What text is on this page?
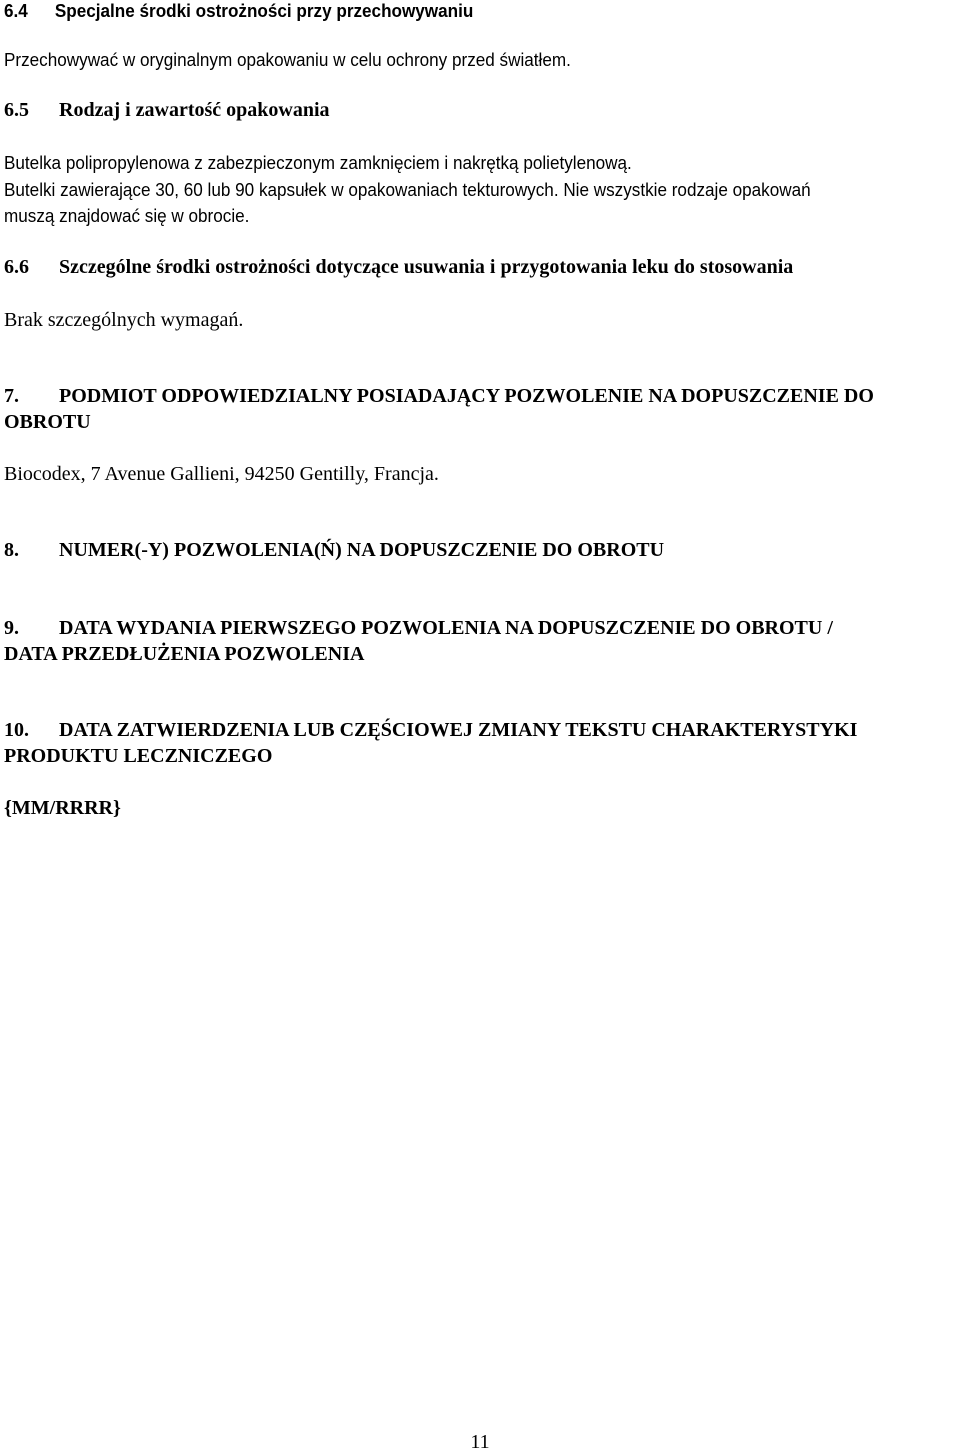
6.4 Specjalne środki ostrożności przy przechowywaniu

Przechowywać w oryginalnym opakowaniu w celu ochrony przed światłem.

6.5 Rodzaj i zawartość opakowania

Butelka polipropylenowa z zabezpieczonym zamknięciem i nakrętką polietylenową.

Butelki zawierające 30, 60 lub 90 kapsułek w opakowaniach tekturowych. Nie wszystkie rodzaje opakowań

muszą znajdować się w obrocie.

6.6 Szczególne środki ostrożności dotyczące usuwania i przygotowania leku do stosowania

Brak szczególnych wymagań.

7. PODMIOT ODPOWIEDZIALNY POSIADAJĄCY POZWOLENIE NA DOPUSZCZENIE DO

OBROTU

Biocodex, 7 Avenue Gallieni, 94250 Gentilly, Francja.

8. NUMER(-Y) POZWOLENIA(Ń) NA DOPUSZCZENIE DO OBROTU
9. DATA WYDANIA PIERWSZEGO POZWOLENIA NA DOPUSZCZENIE DO OBROTU /

DATA PRZEDŁUŻENIA POZWOLENIA

10. DATA ZATWIERDZENIA LUB CZĘŚCIOWEJ ZMIANY TEKSTU CHARAKTERYSTYKI

PRODUKTU LECZNICZEGO

{MM/RRRR}

11
